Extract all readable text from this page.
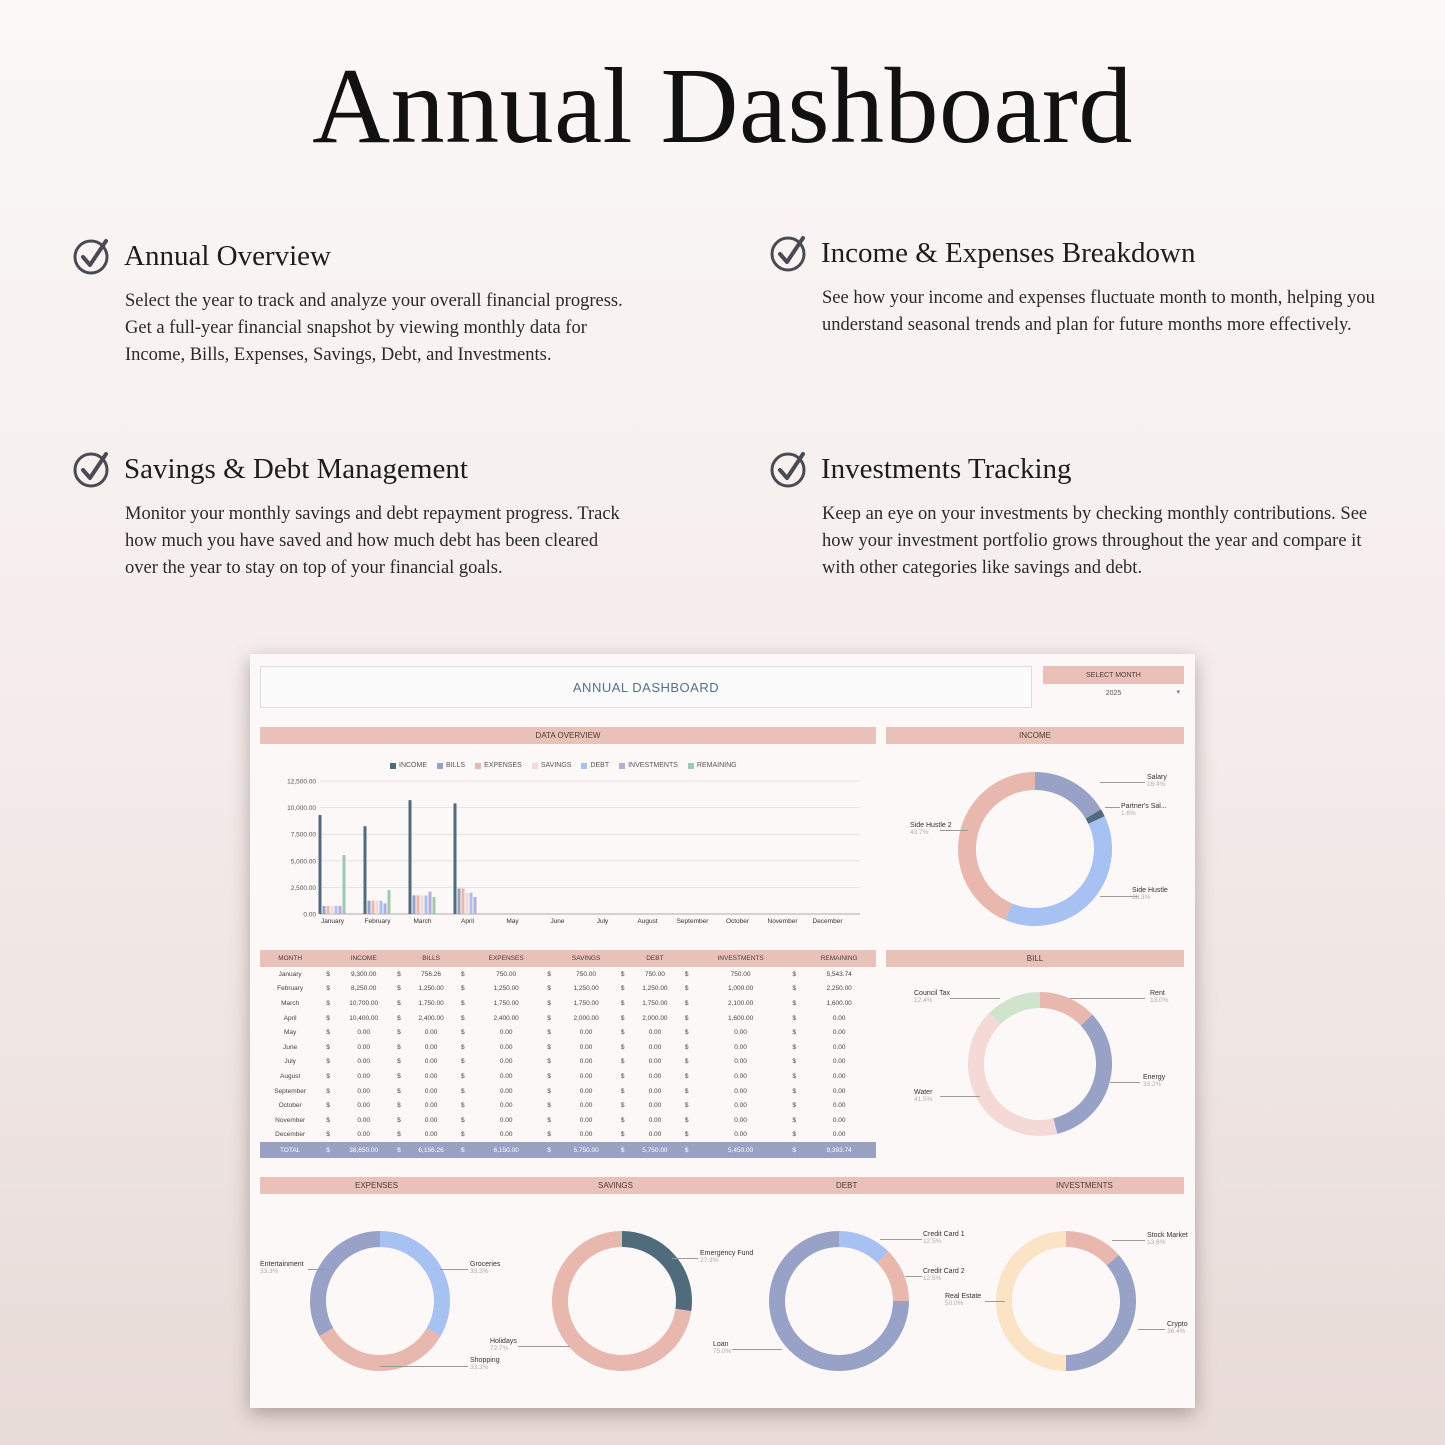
Annual Dashboard
Annual Overview
Select the year to track and analyze your overall financial progress. Get a full-year financial snapshot by viewing monthly data for Income, Bills, Expenses, Savings, Debt, and Investments.
Income & Expenses Breakdown
See how your income and expenses fluctuate month to month, helping you understand seasonal trends and plan for future months more effectively.
Savings & Debt Management
Monitor your monthly savings and debt repayment progress. Track how much you have saved and how much debt has been cleared over the year to stay on top of your financial goals.
Investments Tracking
Keep an eye on your investments by checking monthly contributions. See how your investment portfolio grows throughout the year and compare it with other categories like savings and debt.
ANNUAL DASHBOARD
SELECT MONTH
2025	▾
DATA OVERVIEW	INCOME
BILL
INCOME	BILLS	EXPENSES	SAVINGS	DEBT	INVESTMENTS	REMAINING
0.00
2,500.00
5,000.00
7,500.00
10,000.00
12,500.00
January	February	March	April	May	June	July	August	September	October	November December
MONTH		INCOME		BILLS		EXPENSES		SAVINGS		DEBT		INVESTMENTS		REMAINING
January	$	9,300.00	$	756.26	$	750.00	$	750.00	$	750.00	$	750.00	$	5,543.74
February	$	8,250.00	$	1,250.00	$	1,250.00	$	1,250.00	$	1,250.00	$	1,000.00	$	2,250.00
March	$	10,700.00	$	1,750.00	$	1,750.00	$	1,750.00	$	1,750.00	$	2,100.00	$	1,600.00
April	$	10,400.00	$	2,400.00	$	2,400.00	$	2,000.00	$	2,000.00	$	1,600.00	$	0.00
May	$	0.00	$	0.00	$	0.00	$	0.00	$	0.00	$	0.00	$	0.00
June	$	0.00	$	0.00	$	0.00	$	0.00	$	0.00	$	0.00	$	0.00
July	$	0.00	$	0.00	$	0.00	$	0.00	$	0.00	$	0.00	$	0.00
August	$	0.00	$	0.00	$	0.00	$	0.00	$	0.00	$	0.00	$	0.00
September	$	0.00	$	0.00	$	0.00	$	0.00	$	0.00	$	0.00	$	0.00
October	$	0.00	$	0.00	$	0.00	$	0.00	$	0.00	$	0.00	$	0.00
November	$	0.00	$	0.00	$	0.00	$	0.00	$	0.00	$	0.00	$	0.00
December	$	0.00	$	0.00	$	0.00	$	0.00	$	0.00	$	0.00	$	0.00
TOTAL	$	38,650.00	$	6,156.26	$	6,150.00	$	5,750.00	$	5,750.00	$	5,450.00	$	9,393.74
Salary
16.4%
Partner's Sal...
1.6%
Side Hustle
38.3%
Side Hustle 2
43.7%
Rent
13.0%
Energy
33.2%
Water
41.5%
Council Tax
12.4%
EXPENSES	SAVINGS	DEBT	INVESTMENTS
Entertainment
33.3%
Groceries
33.3%
Shopping
33.3%
Emergency Fund
27.3%
Holidays
72.7%
Credit Card 1
12.5%
Credit Card 2
12.5%
Loan
75.0%
Stock Market
13.6%
Crypto
36.4%
Real Estate
50.0%
